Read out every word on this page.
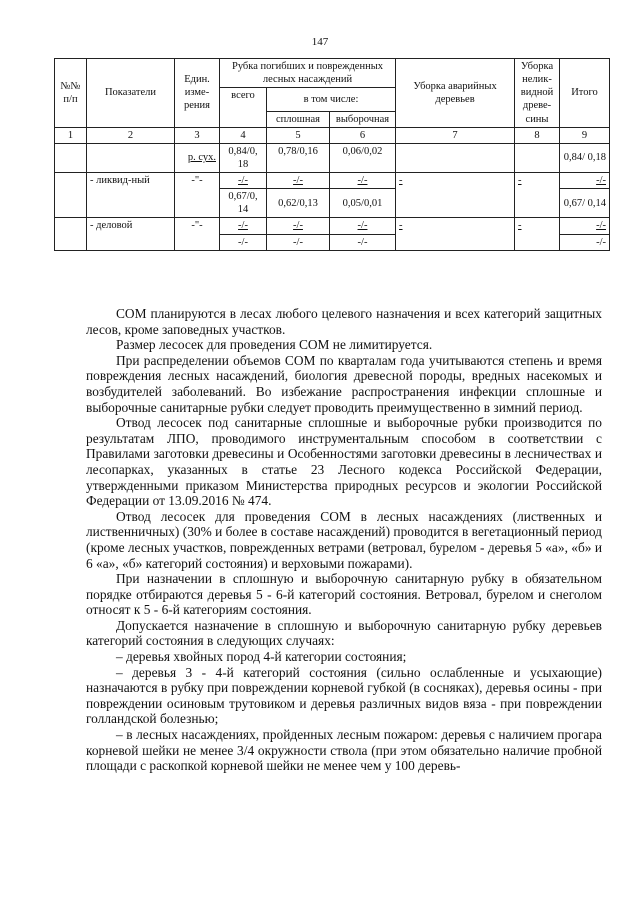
147
№№ п/п	Показатели	Един. изме-рения	Рубка погибших и поврежденных лесных насаждений			Уборка аварийных деревьев	Уборка нелик-видной древе-сины	Итого
			всего	в том числе:				
				сплошная	выборочная			
1	2	3	4	5	6	7	8	9
		р. сух.	0,84/0, 18	0,78/0,16	0,06/0,02			0,84/ 0,18
	- ликвид-ный	-"-	-/-	-/-	-/-	-	-	-/-
			0,67/0, 14	0,62/0,13	0,05/0,01			0,67/ 0,14
	- деловой	-"-	-/-	-/-	-/-	-	-	-/-
			-/-	-/-	-/-			-/-

СОМ планируются в лесах любого целевого назначения и всех категорий защитных лесов, кроме заповедных участков.

Размер лесосек для проведения СОМ не лимитируется.

При распределении объемов СОМ по кварталам года учитываются степень и время повреждения лесных насаждений, биология древесной породы, вредных насекомых и возбудителей заболеваний. Во избежание распространения инфекции сплошные и выборочные санитарные рубки следует проводить преимущественно в зимний период.

Отвод лесосек под санитарные сплошные и выборочные рубки производится по результатам ЛПО, проводимого инструментальным способом в соответствии с Правилами заготовки древесины и Особенностями заготовки древесины в лесничествах и лесопарках, указанных в статье 23 Лесного кодекса Российской Федерации, утвержденными приказом Министерства природных ресурсов и экологии Российской Федерации от 13.09.2016 № 474.

Отвод лесосек для проведения СОМ в лесных насаждениях (лиственных и лиственничных) (30% и более в составе насаждений) проводится в вегетационный период (кроме лесных участков, поврежденных ветрами (ветровал, бурелом - деревья 5 «а», «б» и 6 «а», «б» категорий состояния) и верховыми пожарами).

При назначении в сплошную и выборочную санитарную рубку в обязательном порядке отбираются деревья 5 - 6-й категорий состояния. Ветровал, бурелом и снеголом относят к 5 - 6-й категориям состояния.

Допускается назначение в сплошную и выборочную санитарную рубку деревьев категорий состояния в следующих случаях:

– деревья хвойных пород 4-й категории состояния;

– деревья 3 - 4-й категорий состояния (сильно ослабленные и усыхающие) назначаются в рубку при повреждении корневой губкой (в сосняках), деревья осины - при повреждении осиновым трутовиком и деревья различных видов вяза - при повреждении голландской болезнью;

– в лесных насаждениях, пройденных лесным пожаром: деревья с наличием прогара корневой шейки не менее 3/4 окружности ствола (при этом обязательно наличие пробной площади с раскопкой корневой шейки не менее чем у 100 деревь-
